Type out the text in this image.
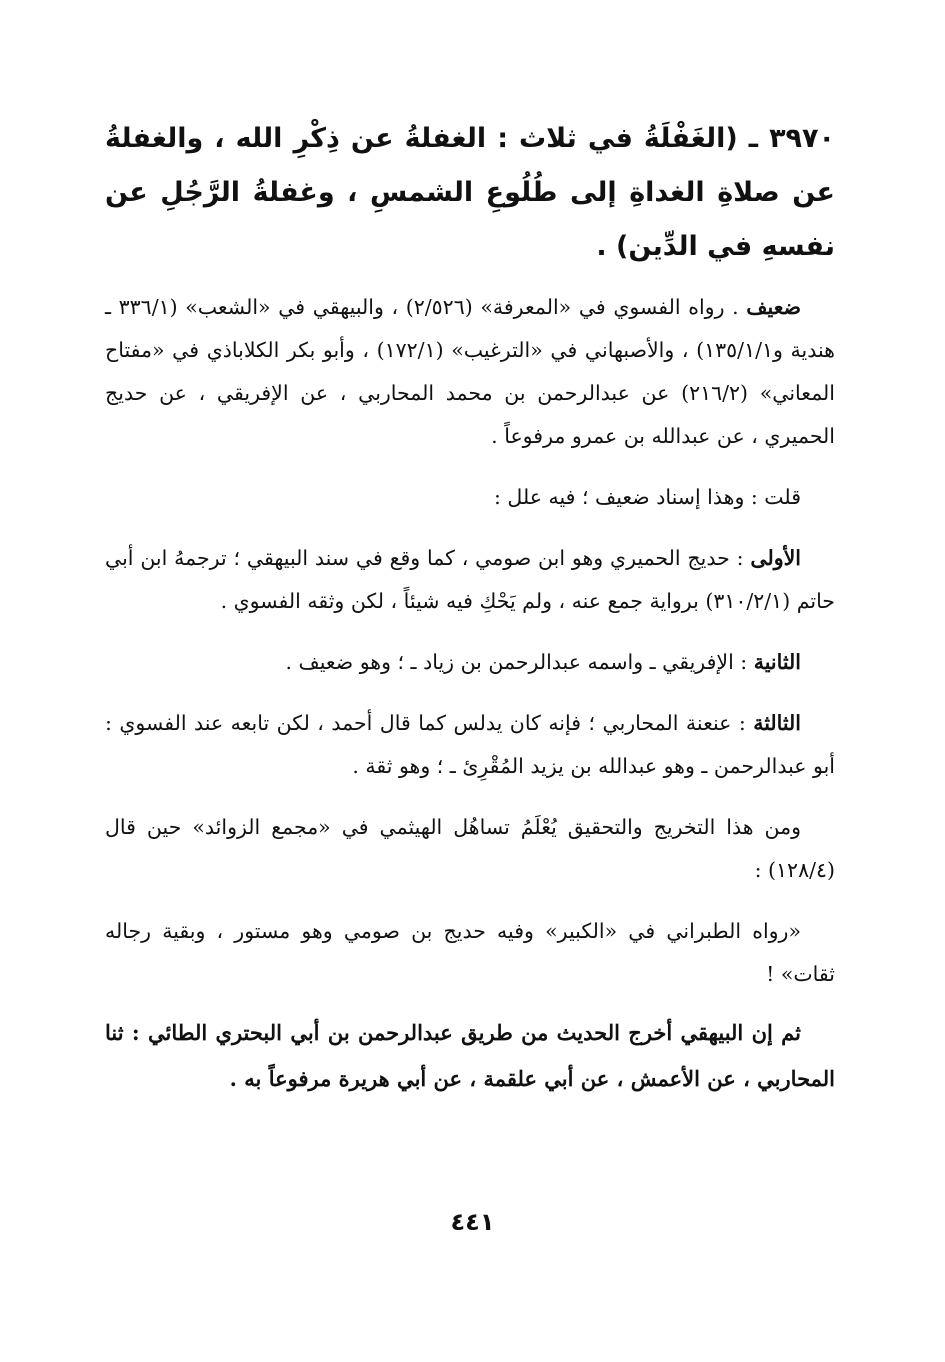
٣٩٧٠ ـ (الغَفْلَةُ في ثلاث : الغفلةُ عن ذِكْرِ الله ، والغفلةُ عن صلاةِ الغداةِ إلى طُلُوعِ الشمسِ ، وغفلةُ الرَّجُلِ عن نفسهِ في الدِّين) .

ضعيف . رواه الفسوي في «المعرفة» (٢/٥٢٦) ، والبيهقي في «الشعب» (٣٣٦/١ ـ هندية و١٣٥/١/١) ، والأصبهاني في «الترغيب» (١٧٢/١) ، وأبو بكر الكلاباذي في «مفتاح المعاني» (٢١٦/٢) عن عبدالرحمن بن محمد المحاربي ، عن الإفريقي ، عن حديج الحميري ، عن عبدالله بن عمرو مرفوعاً .

قلت : وهذا إسناد ضعيف ؛ فيه علل :

الأولى : حديج الحميري وهو ابن صومي ، كما وقع في سند البيهقي ؛ ترجمهُ ابن أبي حاتم (٣١٠/٢/١) برواية جمع عنه ، ولم يَحْكِ فيه شيئاً ، لكن وثقه الفسوي .

الثانية : الإفريقي ـ واسمه عبدالرحمن بن زياد ـ ؛ وهو ضعيف .

الثالثة : عنعنة المحاربي ؛ فإنه كان يدلس كما قال أحمد ، لكن تابعه عند الفسوي : أبو عبدالرحمن ـ وهو عبدالله بن يزيد المُقْرِئ ـ ؛ وهو ثقة .

ومن هذا التخريج والتحقيق يُعْلَمُ تساهُل الهيثمي في «مجمع الزوائد» حين قال (١٢٨/٤) :

«رواه الطبراني في «الكبير» وفيه حديج بن صومي وهو مستور ، وبقية رجاله ثقات» !

ثم إن البيهقي أخرج الحديث من طريق عبدالرحمن بن أبي البحتري الطائي : ثنا المحاربي ، عن الأعمش ، عن أبي علقمة ، عن أبي هريرة مرفوعاً به .

٤٤١
